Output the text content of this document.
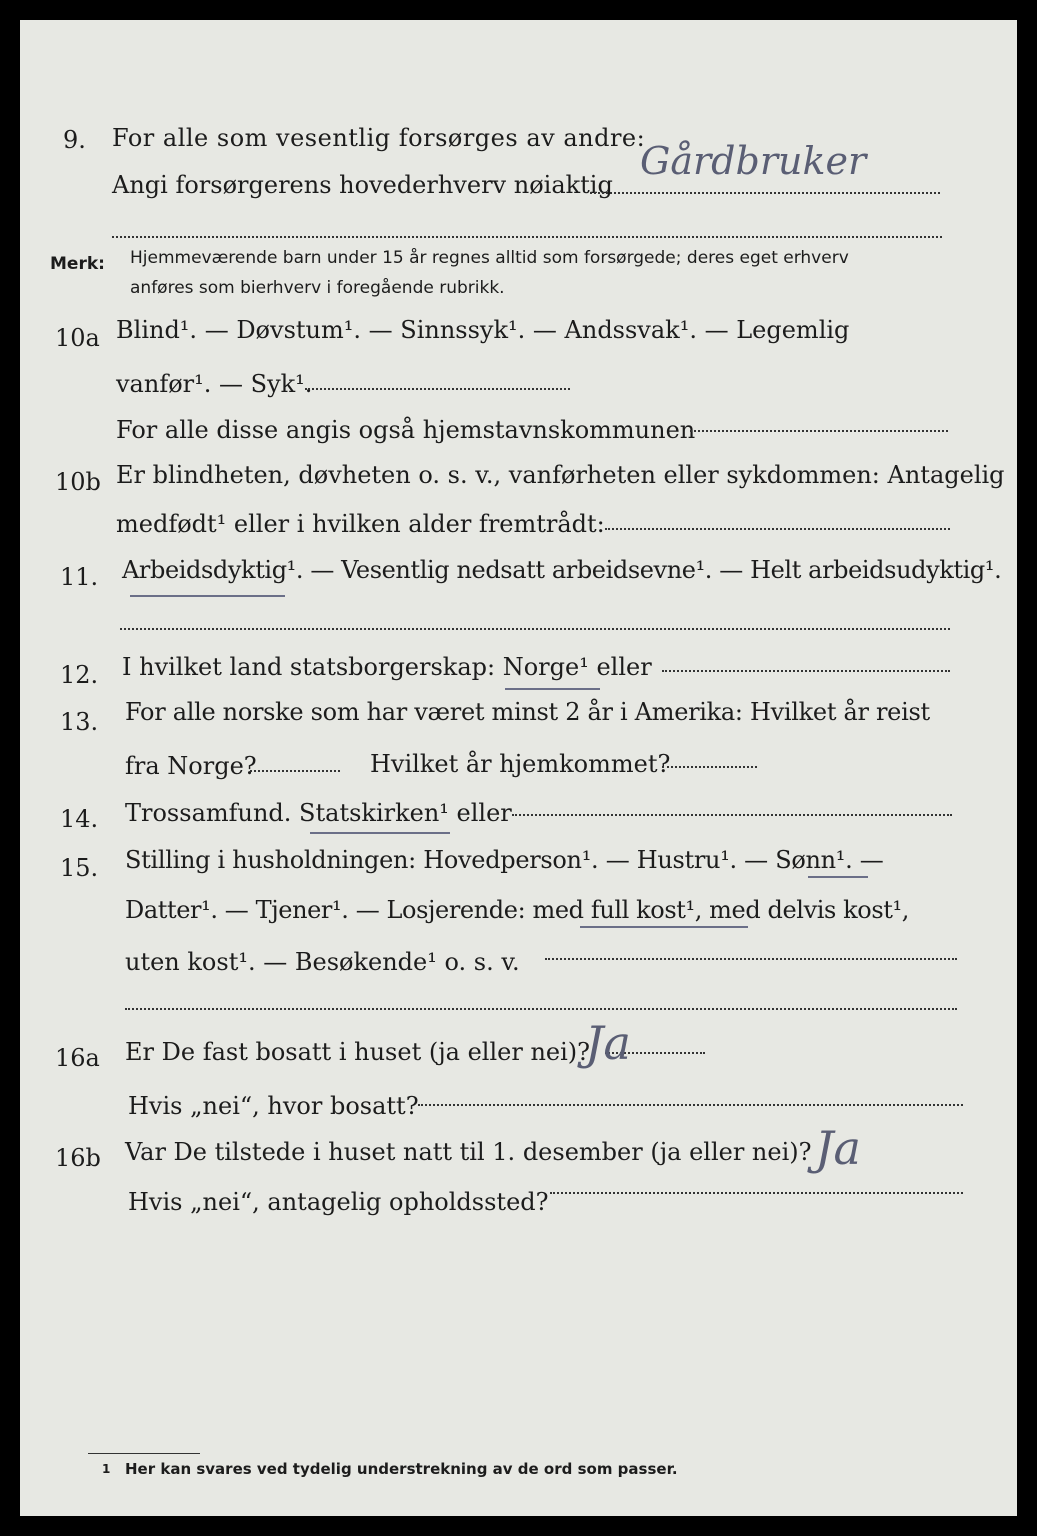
9. For alle som vesentlig forsørges av andre:
Angi forsørgerens hovederhverv nøiaktig
Gårdbruker
Merk: Hjemmeværende barn under 15 år regnes alltid som forsørgede; deres eget erhverv
anføres som bierhverv i foregående rubrikk.
10a Blind¹. — Døvstum¹. — Sinnssyk¹. — Andssvak¹. — Legemlig
vanfør¹. — Syk¹.
For alle disse angis også hjemstavnskommunen
10b Er blindheten, døvheten o. s. v., vanførheten eller sykdommen: Antagelig
medfødt¹ eller i hvilken alder fremtrådt:
11. Arbeidsdyktig¹. — Vesentlig nedsatt arbeidsevne¹. — Helt arbeidsudyktig¹.
12. I hvilket land statsborgerskap: Norge¹ eller
13. For alle norske som har været minst 2 år i Amerika: Hvilket år reist
fra Norge?	Hvilket år hjemkommet?
14. Trossamfund. Statskirken¹ eller
15. Stilling i husholdningen: Hovedperson¹. — Hustru¹. — Sønn¹. —
Datter¹. — Tjener¹. — Losjerende: med full kost¹, med delvis kost¹,
uten kost¹. — Besøkende¹ o. s. v.
16a Er De fast bosatt i huset (ja eller nei)?
Ja
Hvis „nei“, hvor bosatt?
16b Var De tilstede i huset natt til 1. desember (ja eller nei)? Ja
Hvis „nei“, antagelig opholdssted?
1 Her kan svares ved tydelig understrekning av de ord som passer.
